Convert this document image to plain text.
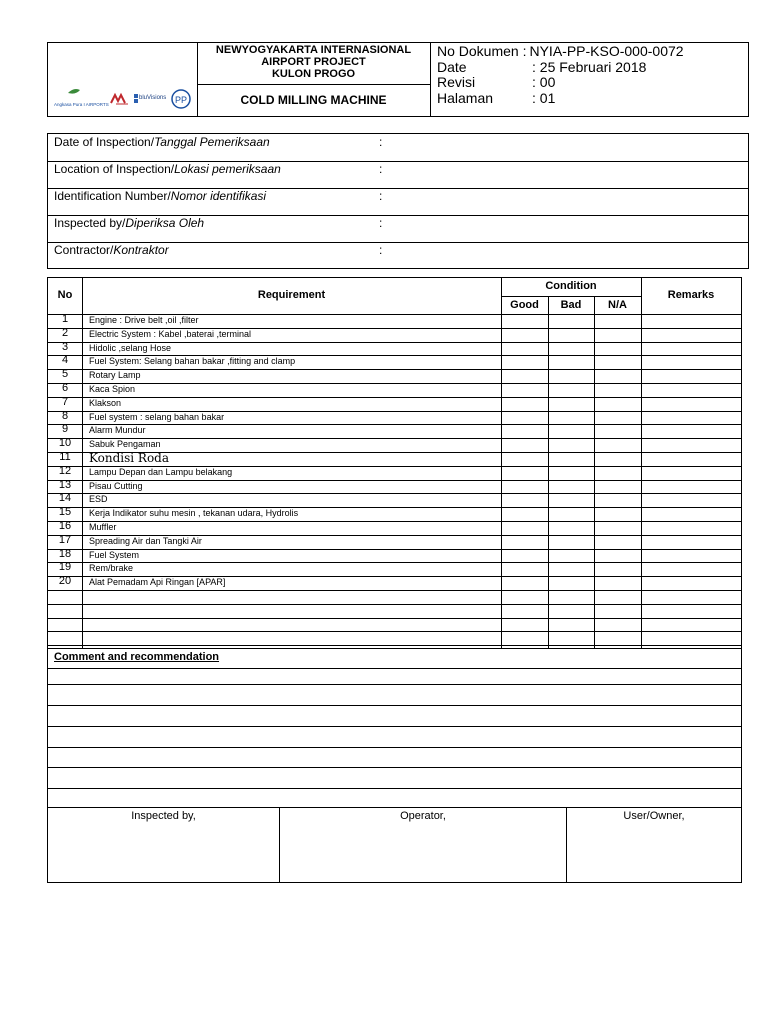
Angkasa Pura I AIRPORTS
bluVisions PP
NEWYOGYAKARTA INTERNASIONAL
AIRPORT PROJECT
KULON PROGO
COLD MILLING MACHINE
No Dokumen : NYIA-PP-KSO-000-0072
Date	: 25 Februari 2018
Revisi	: 00
Halaman	: 01
Date of Inspection/Tanggal Pemeriksaan	:
Location of Inspection/Lokasi pemeriksaan	:
Identification Number/Nomor identifikasi	:
Inspected by/Diperiksa Oleh	:
Contractor/Kontraktor	:
No	Requirement
Condition
Good	Bad	N/A
Remarks
1	Engine : Drive belt ,oil ,filter
2	Electric System : Kabel ,baterai ,terminal
3	Hidolic ,selang Hose
4	Fuel System: Selang bahan bakar ,fitting and clamp
5	Rotary Lamp
6	Kaca Spion
7	Klakson
8	Fuel system : selang bahan bakar
9	Alarm Mundur
10	Sabuk Pengaman
11	Kondisi Roda
12	Lampu Depan dan Lampu belakang
13	Pisau Cutting
14	ESD
15	Kerja Indikator suhu mesin , tekanan udara, Hydrolis
16	Muffler
17	Spreading Air dan Tangki Air
18	Fuel System
19	Rem/brake
20	Alat Pemadam Api Ringan [APAR]
Comment and recommendation
Inspected by,	Operator,	User/Owner,
